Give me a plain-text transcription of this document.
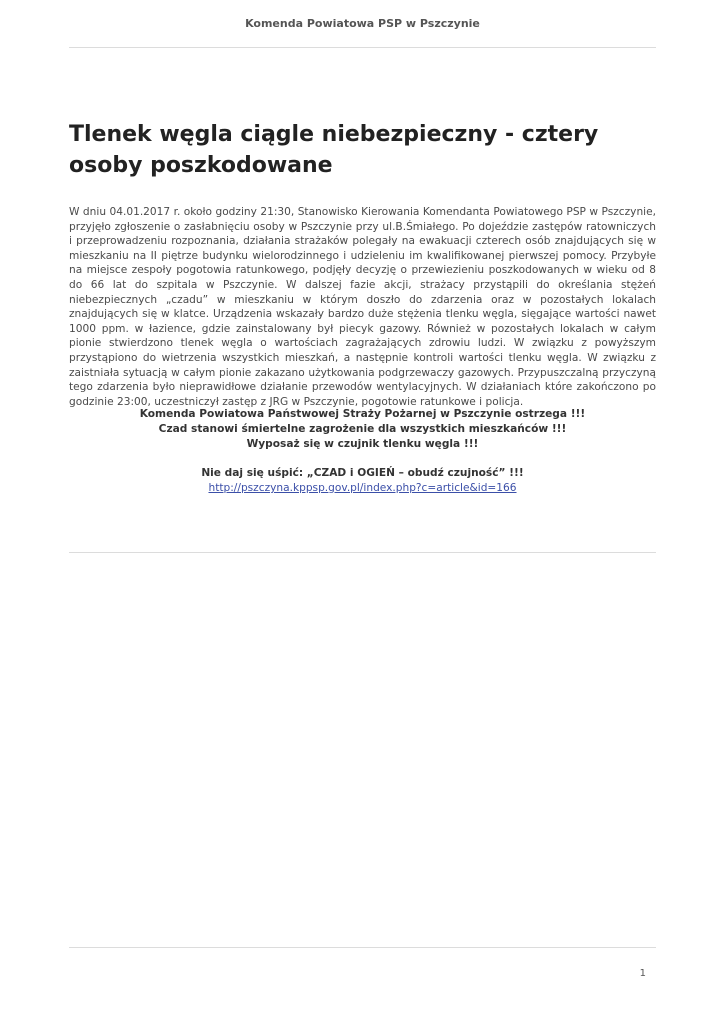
Komenda Powiatowa PSP w Pszczynie
Tlenek węgla ciągle niebezpieczny - cztery osoby poszkodowane

W dniu 04.01.2017 r. około godziny 21:30, Stanowisko Kierowania Komendanta Powiatowego PSP w Pszczynie, przyjęło zgłoszenie o zasłabnięciu osoby w Pszczynie przy ul.B.Śmiałego. Po dojeździe zastępów ratowniczych i przeprowadzeniu rozpoznania, działania strażaków polegały na ewakuacji czterech osób znajdujących się w mieszkaniu na II piętrze budynku wielorodzinnego i udzieleniu im kwalifikowanej pierwszej pomocy. Przybyłe na miejsce zespoły pogotowia ratunkowego, podjęły decyzję o przewiezieniu poszkodowanych w wieku od 8 do 66 lat do szpitala w Pszczynie. W dalszej fazie akcji, strażacy przystąpili do określania stężeń niebezpiecznych „czadu” w mieszkaniu w którym doszło do zdarzenia oraz w pozostałych lokalach znajdujących się w klatce. Urządzenia wskazały bardzo duże stężenia tlenku węgla, sięgające wartości nawet 1000 ppm. w łazience, gdzie zainstalowany był piecyk gazowy. Również w pozostałych lokalach w całym pionie stwierdzono tlenek węgla o wartościach zagrażających zdrowiu ludzi. W związku z powyższym przystąpiono do wietrzenia wszystkich mieszkań, a następnie kontroli wartości tlenku węgla. W związku z zaistniała sytuacją w całym pionie zakazano użytkowania podgrzewaczy gazowych. Przypuszczalną przyczyną tego zdarzenia było nieprawidłowe działanie przewodów wentylacyjnych. W działaniach które zakończono po godzinie 23:00, uczestniczył zastęp z JRG w Pszczynie, pogotowie ratunkowe i policja.

Komenda Powiatowa Państwowej Straży Pożarnej w Pszczynie ostrzega !!!
Czad stanowi śmiertelne zagrożenie dla wszystkich mieszkańców !!!
Wyposaż się w czujnik tlenku węgla !!!
Nie daj się uśpić: „CZAD i OGIEŃ – obudź czujność” !!!
http://pszczyna.kppsp.gov.pl/index.php?c=article&id=166
1
